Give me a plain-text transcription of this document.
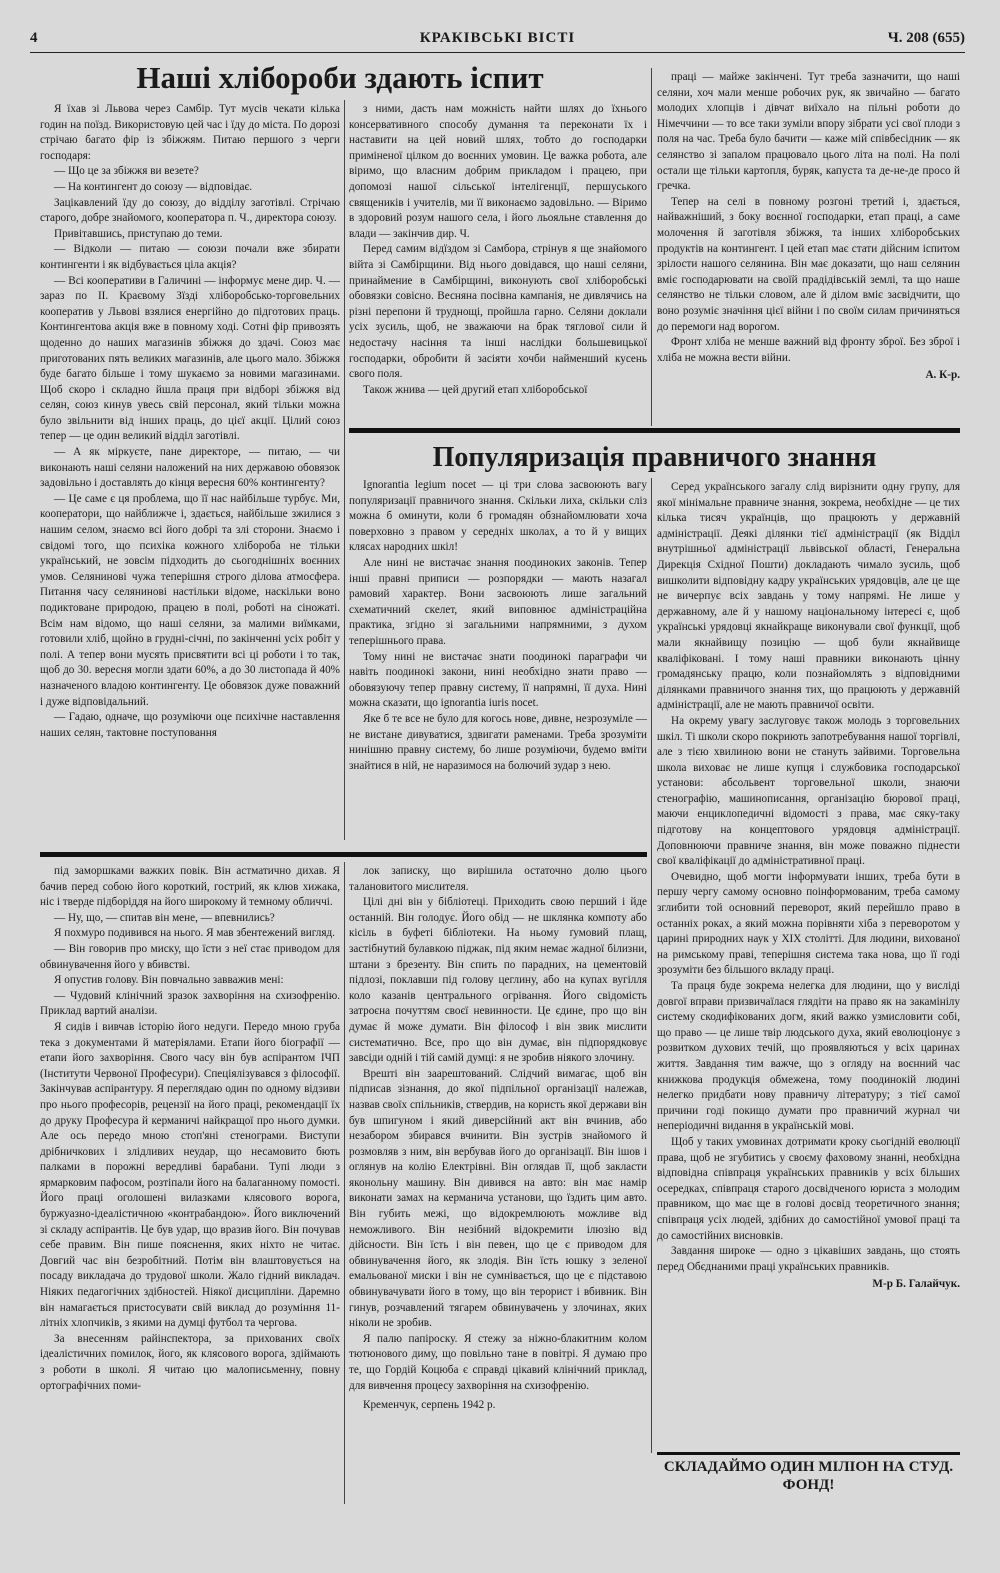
4	КРАКІВСЬКІ ВІСТІ	Ч. 208 (655)
Наші хлібороби здають іспит

Я їхав зі Львова через Самбір. Тут мусів чекати кілька годин на поїзд. Використовую цей час і їду до міста. По дорозі стрічаю багато фір із збіжжям. Питаю першого з черги господаря:

— Що це за збіжжя ви везете?

— На контингент до союзу — відповідає.

Зацікавлений їду до союзу, до відділу заготівлі. Стрічаю старого, добре знайомого, кооператора п. Ч., директора союзу.

Привітавшись, приступаю до теми.

— Відколи — питаю — союзи почали вже збирати контингенти і як відбувається ціла акція?

— Всі кооперативи в Галичині — інформує мене дир. Ч. — зараз по II. Краєвому Зїзді хліборобсько-торговельних кооператив у Львові взялися енергійно до підготових праць. Контингентова акція вже в повному ході. Сотні фір привозять щоденно до наших магазинів збіжжя до здачі. Союз має приготованих пять великих магазинів, але цього мало. Збіжжя буде багато більше і тому шукаємо за новими магазинами. Щоб скоро і складно йшла праця при відборі збіжжя від селян, союз кинув увесь свій персонал, який тільки можна було звільнити від інших праць, до цієї акції. Цілий союз тепер — це один великий відділ заготівлі.

— А як міркуєте, пане директоре, — питаю, — чи виконають наші селяни наложений на них державою обовязок задовільно і доставлять до кінця вересня 60% контингенту?

— Це саме є ця проблема, що її нас найбільше турбує. Ми, кооператори, що найближче і, здається, найбільше зжилися з нашим селом, знаємо всі його добрі та злі сторони. Знаємо і свідомі того, що психіка кожного хлібороба не тільки український, не зовсім підходить до сьогоднішніх воєнних умов. Селянинові чужа теперішня строго ділова атмосфера. Питання часу селянинові настільки відоме, наскільки воно подиктоване природою, працею в полі, роботі на сіножаті. Всім нам відомо, що наші селяни, за малими виїмками, готовили хліб, щойно в грудні-січні, по закінченні усіх робіт у полі. А тепер вони мусять присвятити всі ці роботи і то так, щоб до 30. вересня могли здати 60%, а до 30 листопада й 40% назначеного владою контингенту. Це обовязок дуже поважний і дуже відповідальний.

— Гадаю, одначе, що розуміючи оце психічне наставлення наших селян, тактовне поступовання

з ними, дасть нам можність найти шлях до їхнього консервативного способу думання та переконати їх і наставити на цей новий шлях, тобто до господарки приміненої цілком до воєнних умовин. Це важка робота, але віримо, що власним добрим прикладом і працею, при допомозі нашої сільської інтелігенції, першуського священиків і учителів, ми її виконаємо задовільно. — Віримо в здоровий розум нашого села, і його льояльне ставлення до влади — закінчив дир. Ч.

Перед самим відїздом зі Самбора, стрінув я ще знайомого війта зі Самбірщини. Від нього довідався, що наші селяни, принаймение в Самбірщині, виконують свої хліборобські обовязки совісно. Весняна посівна кампанія, не дивлячись на різні перепони й труднощі, пройшла гарно. Селяни доклали усіх зусиль, щоб, не зважаючи на брак тяглової сили й недостачу насіння та інші наслідки большевицької господарки, обробити й засіяти хочби найменший кусень свого поля.

Також жнива — цей другий етап хліборобської

праці — майже закінчені. Тут треба зазначити, що наші селяни, хоч мали менше робочих рук, як звичайно — багато молодих хлопців і дівчат виїхало на пільні роботи до Німеччини — то все таки зуміли впору зібрати усі свої плоди з поля на час. Треба було бачити — каже мій співбесідник — як селянство зі запалом працювало цього літа на полі. На полі остали ще тільки картопля, буряк, капуста та де-не-де просо й гречка.

Тепер на селі в повному розгоні третий і, здається, найважніший, з боку воєнної господарки, етап праці, а саме молочення й заготівля збіжжя, та інших хліборобських продуктів на контингент. І цей етап має стати дійсним іспитом зрілости нашого селянина. Він має доказати, що наш селянин вміє господарювати на своїй прадідівській землі, та що наше селянство не тільки словом, але й ділом вміє засвідчити, що воно розуміє значіння цієї війни і по своїм силам причиняться до перемоги над ворогом.

Фронт хліба не менше важний від фронту зброї. Без зброї і хліба не можна вести війни.

А. К-р.

Популяризація правничого знання

Ignorantia legium nocet — ці три слова засвоюють вагу популяризації правничого знання. Скільки лиха, скільки сліз можна б оминути, коли б громадян обзнайомлювати хоча поверховно з правом у середніх школах, а то й у вищих клясах народних шкіл!

Але нині не вистачає знання поодиноких законів. Тепер інші правні приписи — розпорядки — мають назагал рамовий характер. Вони засвоюють лише загальний схематичний скелет, який виповнює адміністраційна практика, згідно зі загальними напрямними, з духом теперішнього права.

Тому нині не вистачає знати поодинокі параграфи чи навіть поодинокі закони, нині необхідно знати право — обовязуючу тепер правну систему, її напрямні, її духа. Нині можна сказати, що ignorantia iuris nocet.

Яке б те все не було для когось нове, дивне, незрозуміле — не вистане дивуватися, здвигати раменами. Треба зрозуміти нинішню правну систему, бо лише розуміючи, будемо вміти знайтися в ній, не наразимося на болючий зудар з нею.

Серед українського загалу слід вирізнити одну групу, для якої мінімальне правниче знання, зокрема, необхідне — це тих кілька тисяч українців, що працюють у державній адміністрації. Деякі ділянки тієї адміністрації (як Відділ внутрішньої адміністрації львівської області, Генеральна Дирекція Східної Пошти) докладають чимало зусиль, щоб вишколити відповідну кадру українських урядовців, але це ще не вичерпує всіх завдань у тому напрямі. Не лише у державному, але й у нашому національному інтересі є, щоб українські урядовці якнайкраще виконували свої функції, щоб мали якнайвищу позицію — щоб були якнайвище кваліфіковані. І тому наші правники виконають цінну громадянську працю, коли познайомлять з відповідними ділянками правничого знання тих, що працюють у державній адміністрації, але не мають правничої освіти.

На окрему увагу заслуговує також молодь з торговельних шкіл. Ті школи скоро покриють запотребування нашої торгівлі, але з тією хвилиною вони не стануть зайвими. Торговельна школа виховає не лише купця і службовика господарської установи: абсольвент торговельної школи, знаючи стенографію, машинописання, організацію бюрової праці, маючи енциклопедичні відомості з права, має сяку-таку підготову на концептового урядовця адміністрації. Доповнюючи правниче знання, він може поважно піднести свої кваліфікації до адміністративної праці.

Очевидно, щоб могти інформувати інших, треба бути в першу чергу самому основно поінформованим, треба самому зглибити той основний переворот, який перейшло право в останніх роках, а який можна порівняти хіба з переворотом у царині природних наук у XIX столітті. Для людини, вихованої на римському праві, теперішня система така нова, що її годі зрозуміти без більшого вкладу праці.

Та праця буде зокрема нелегка для людини, що у висліді довгої вправи призвичаїлася глядіти на право як на закамінілу систему скодифікованих догм, який важко узмисловити собі, що право — це лише твір людського духа, який еволюціонує з розвитком духових течій, що проявляються у всіх царинах життя. Завдання тим важче, що з огляду на воєнний час книжкова продукція обмежена, тому поодинокій людині нелегко придбати нову правничу літературу; з тієї самої причини годі покищо думати про правничий журнал чи неперіодичні видання в українській мові.

Щоб у таких умовинах дотримати кроку сьогідній еволюції права, щоб не згубитись у своєму фаховому знанні, необхідна відповідна співпраця українських правників у всіх більших осередках, співпраця старого досвідченого юриста з молодим правником, що має ще в голові досвід теоретичного знання; співпраця усіх людей, здібних до самостійної умової праці та до самостійних висновків.

Завдання широке — одно з цікавіших завдань, що стоять перед Обєднаними праці українських правників.

М-р Б. Галайчук.

під заморшками важких повік. Він астматично дихав. Я бачив перед собою його короткий, гострий, як клюв хижака, ніс і тверде підборіддя на його широкому й темному обличчі.

— Ну, що, — спитав він мене, — впевнились?

Я похмуро подивився на нього. Я мав збентежений вигляд.

— Він говорив про миску, що їсти з неї стає приводом для обвинувачення його у вбивстві.

Я опустив голову. Він повчально завважив мені:

— Чудовий клінічний зразок захворіння на схизофренію. Приклад вартий аналізи.

Я сидів і вивчав історію його недуги. Передо мною груба тека з документами й матеріялами. Етапи його біографії — етапи його захворіння. Свого часу він був аспірантом ІЧП (Інститути Червоної Професури). Спеціялізувався з філософії. Закінчував аспірантуру. Я переглядаю один по одному відзиви про нього професорів, рецензії на його праці, рекомендації їх до друку Професура й керманичі найкращої про нього думки. Але ось передо мною стоп'яні стенограми. Виступи дрібничкових і злідливих неудар, що несамовито бють палками в порожні вередливі барабани. Тупі люди з ярмарковим пафосом, розтіпали його на балаганному помості. Його праці оголошені вилазками клясового ворога, буржуазно-ідеалістичною «контрабандою». Його виключений зі складу аспірантів. Це був удар, що вразив його. Він почував себе правим. Він пише пояснення, яких ніхто не читає. Довгий час він безробітний. Потім він влаштовується на посаду викладача до трудової школи. Жало гідний викладач. Ніяких педагогічних здібностей. Ніякої дисципліни. Даремно він намагається пристосувати свій виклад до розуміння 11-літніх хлопчиків, з якими на думці футбол та чергова.

За внесенням райінспектора, за прихованих своїх ідеалістичних помилок, його, як клясового ворога, здіймають з роботи в школі. Я читаю цю малописьменну, повну ортографічних поми-

лок записку, що вирішила остаточно долю цього талановитого мислителя.

Цілі дні він у бібліотеці. Приходить свою перший і йде останній. Він голодує. Його обід — не шклянка компоту або кісіль в буфеті бібліотеки. На ньому ґумовий плащ, застібнутий булавкою піджак, під яким немає жадної білизни, штани з брезенту. Він спить по парадних, на цементовій підлозі, поклавши під голову цеглину, або на купах вугілля коло казанів центрального огрівання. Його свідомість затроєна почуттям своєї невинности. Це єдине, про що він думає й може думати. Він філософ і він звик мислити систематично. Все, про що він думає, він підпорядковує завсіди одній і тій самій думці: я не зробив ніякого злочину.

Врешті він заарештований. Слідчий вимагає, щоб він підписав зізнання, до якої підпільної організації належав, назвав своїх спільників, ствердив, на користь якої держави він був шпигуном і який диверсійний акт він вчинив, або незабором збирався вчинити. Він зустрів знайомого й розмовляв з ним, він вербував його до організації. Він ішов і оглянув на колію Електрівні. Він оглядав її, щоб закласти яконольну машину. Він дивився на авто: він має намір виконати замах на керманича установи, що їздить цим авто. Він губить межі, що відокремлюють можливе від неможливого. Він незібний відокремити ілюзію від дійсности. Він їсть і він певен, що це є приводом для обвинувачення його, як злодія. Він їсть юшку з зеленої емальованої миски і він не сумнівається, що це є підставою обвинувачувати його в тому, що він терорист і вбивник. Він гинув, розчавлений тягарем обвинувачень у злочинах, яких ніколи не зробив.

Я палю папіроску. Я стежу за ніжно-блакитним колом тютюнового диму, що повільно тане в повітрі. Я думаю про те, що Гордій Коцюба є справді цікавий клінічний приклад, для вивчення процесу захворіння на схизофренію.

Кременчук, серпень 1942 р.

СКЛАДАЙМО ОДИН МІЛІОН НА СТУД. ФОНД!
